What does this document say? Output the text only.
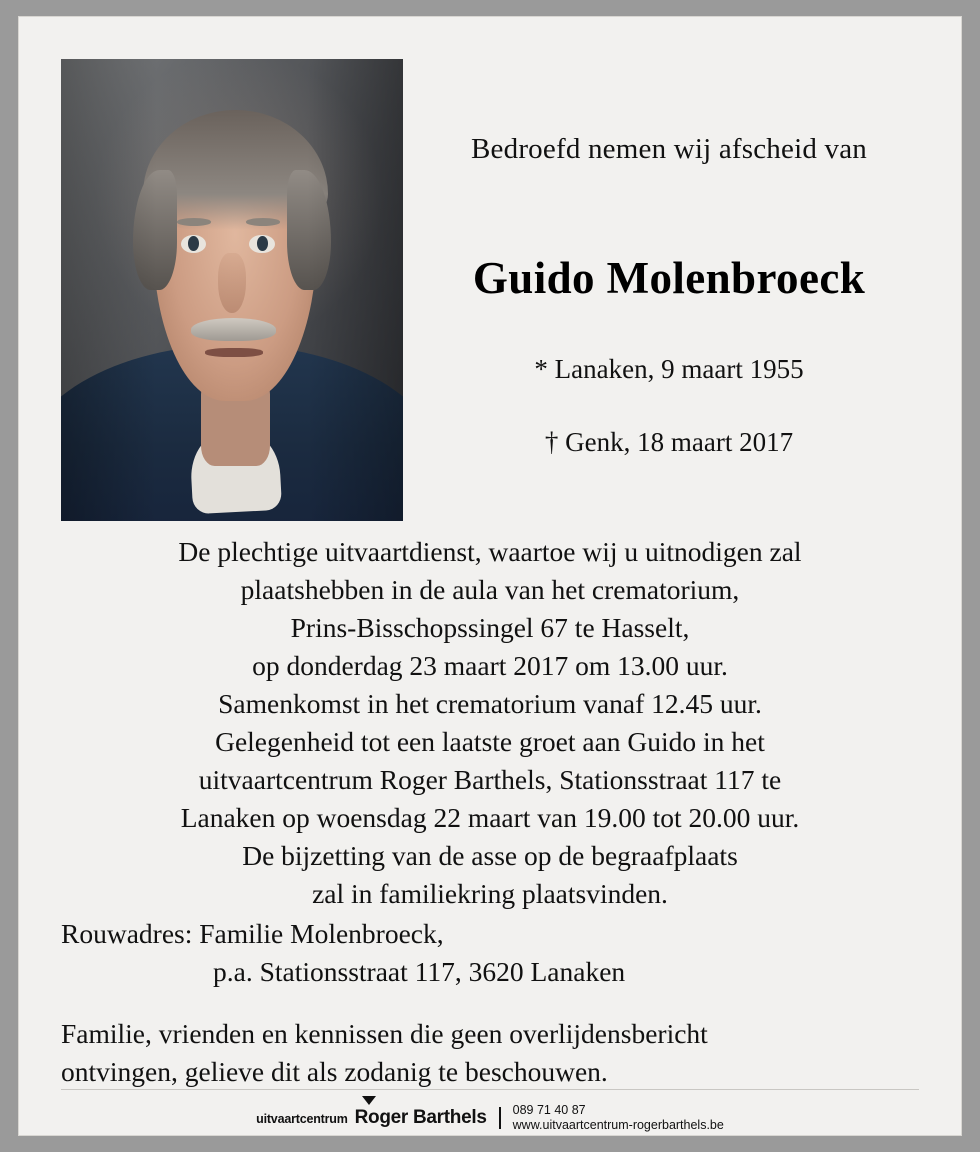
Bedroefd nemen wij afscheid van
Guido Molenbroeck
* Lanaken, 9 maart 1955
† Genk, 18 maart 2017
De plechtige uitvaartdienst, waartoe wij u uitnodigen zal
plaatshebben in de aula van het crematorium,
Prins-Bisschopssingel 67 te Hasselt,
op donderdag 23 maart 2017 om 13.00 uur.
Samenkomst in het crematorium vanaf 12.45 uur.
Gelegenheid tot een laatste groet aan Guido in het
uitvaartcentrum Roger Barthels, Stationsstraat 117 te
Lanaken op woensdag 22 maart van 19.00 tot 20.00 uur.
De bijzetting van de asse op de begraafplaats
zal in familiekring plaatsvinden.
Rouwadres: Familie Molenbroeck,
p.a. Stationsstraat 117, 3620 Lanaken
Familie, vrienden en kennissen die geen overlijdensbericht
ontvingen, gelieve dit als zodanig te beschouwen.
uitvaartcentrum Roger Barthels 089 71 40 87
www.uitvaartcentrum-rogerbarthels.be
